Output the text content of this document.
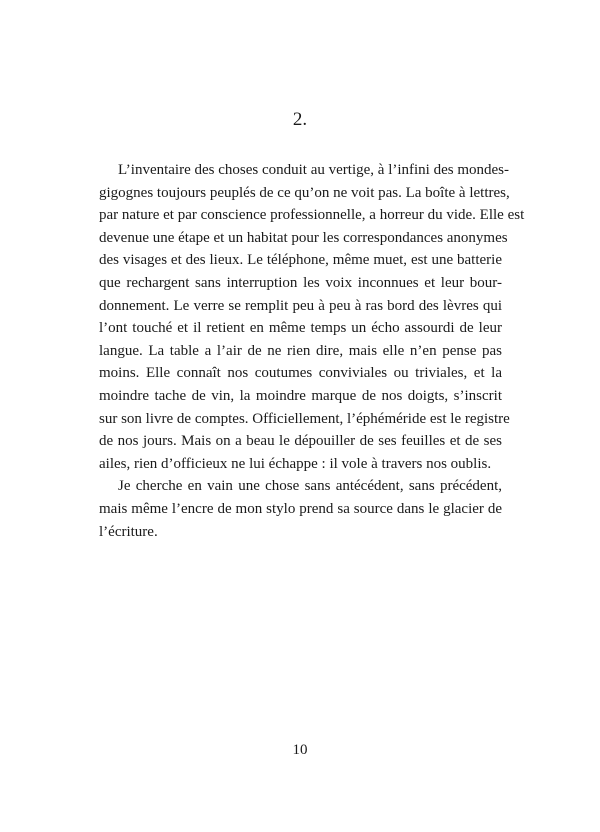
2.
L’inventaire des choses conduit au vertige, à l’infini des mondes-
gigognes toujours peuplés de ce qu’on ne voit pas. La boîte à lettres,
par nature et par conscience professionnelle, a horreur du vide. Elle est
devenue une étape et un habitat pour les correspondances anonymes
des visages et des lieux. Le téléphone, même muet, est une batterie
que rechargent sans interruption les voix inconnues et leur bour-
donnement. Le verre se remplit peu à peu à ras bord des lèvres qui
l’ont touché et il retient en même temps un écho assourdi de leur
langue. La table a l’air de ne rien dire, mais elle n’en pense pas
moins. Elle connaît nos coutumes conviviales ou triviales, et la
moindre tache de vin, la moindre marque de nos doigts, s’inscrit
sur son livre de comptes. Officiellement, l’éphéméride est le registre
de nos jours. Mais on a beau le dépouiller de ses feuilles et de ses
ailes, rien d’officieux ne lui échappe : il vole à travers nos oublis.
Je cherche en vain une chose sans antécédent, sans précédent,
mais même l’encre de mon stylo prend sa source dans le glacier de
l’écriture.
10
